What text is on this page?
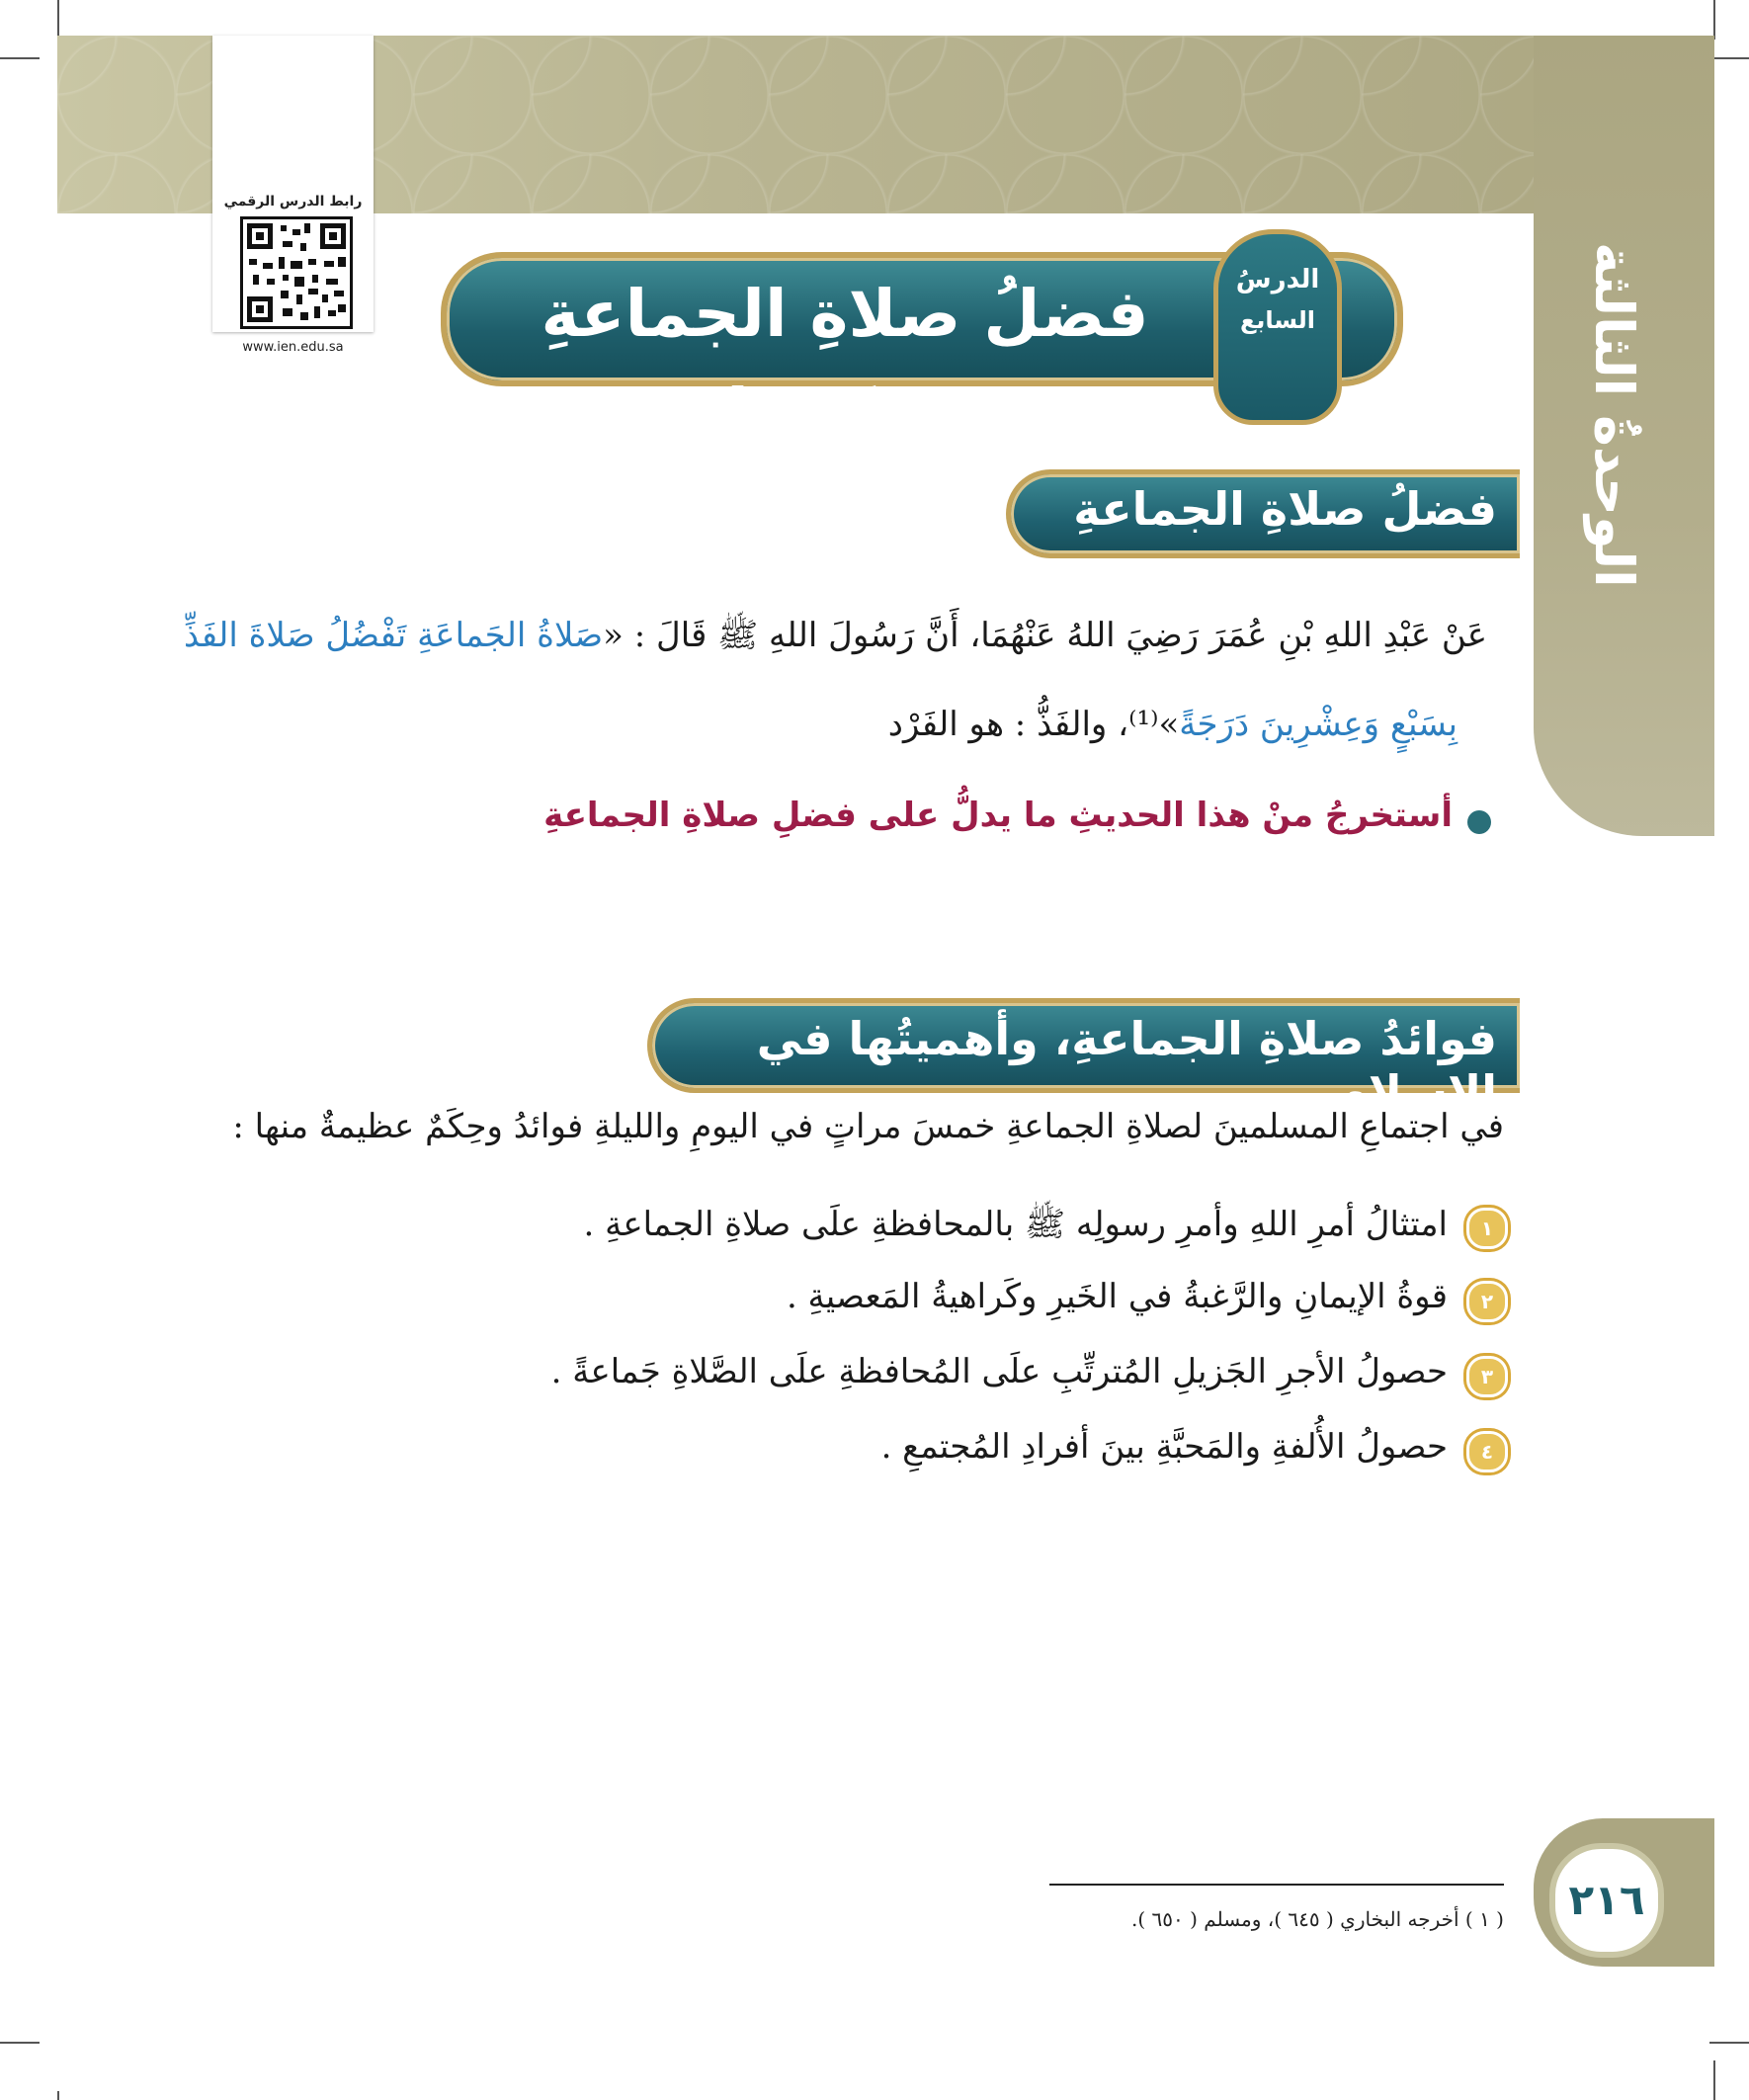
الوحدةُ الثالثة
رابط الدرس الرقمي
www.ien.edu.sa	فضلُ صلاةِ الجماعةِ وحكمُها
الدرسُ
السابع
فضلُ صلاةِ الجماعةِ
عَنْ عَبْدِ اللهِ بْنِ عُمَرَ رَضِيَ اللهُ عَنْهُمَا، أَنَّ رَسُولَ اللهِ ﷺ قَالَ : «صَلاةُ الجَماعَةِ تَفْضُلُ صَلاةَ الفَذِّ
بِسَبْعٍ وَعِشْرِينَ دَرَجَةً»⁽¹⁾، والفَذُّ : هو الفَرْد
أستخرجُ منْ هذا الحديثِ ما يدلُّ على فضلِ صلاةِ الجماعةِ
فوائدُ صلاةِ الجماعةِ، وأهميتُها في الإسلامِ
في اجتماعِ المسلمينَ لصلاةِ الجماعةِ خمسَ مراتٍ في اليومِ والليلةِ فوائدُ وحِكَمٌ عظيمةٌ منها :
١
امتثالُ أمرِ اللهِ وأمرِ رسولِه ﷺ بالمحافظةِ علَى صلاةِ الجماعةِ .
٢
قوةُ الإيمانِ والرَّغبةُ في الخَيرِ وكَراهيةُ المَعصيةِ .
٣
حصولُ الأجرِ الجَزيلِ المُترتِّبِ علَى المُحافظةِ علَى الصَّلاةِ جَماعةً .
٤
حصولُ الأُلفةِ والمَحبَّةِ بينَ أفرادِ المُجتمعِ .
( ١ ) أخرجه البخاري ( ٦٤٥ )، ومسلم ( ٦٥٠ ).	٢١٦
